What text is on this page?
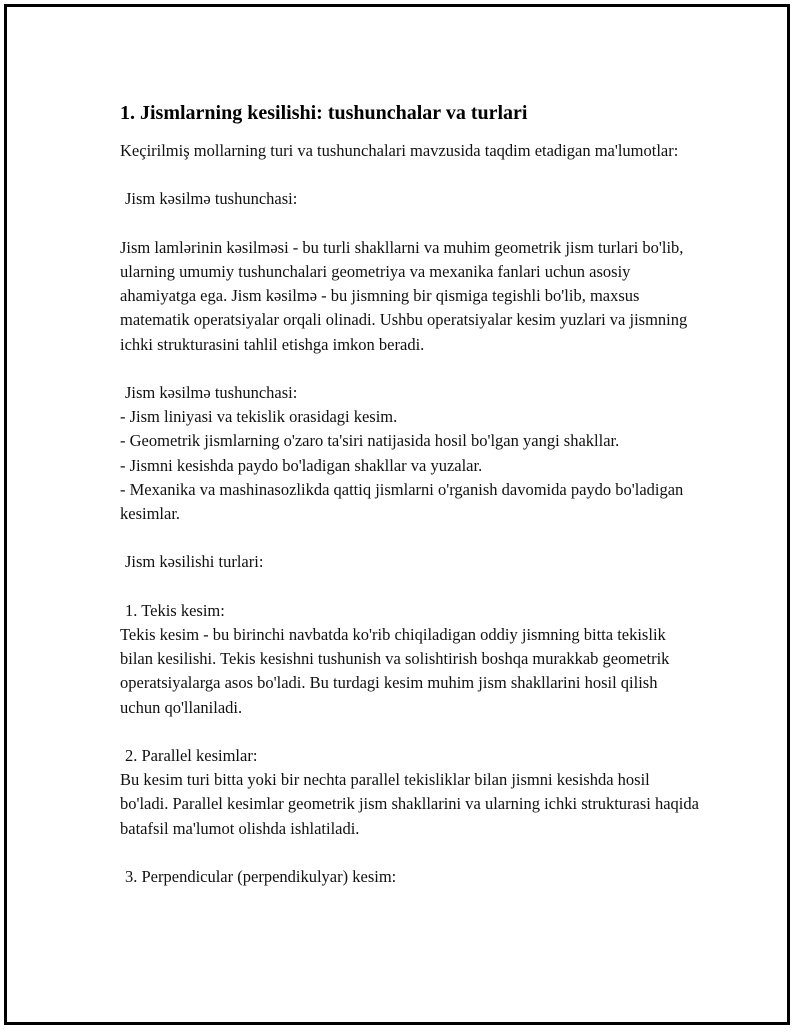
1. Jismlarning kesilishi: tushunchalar va turlari

Keçirilmiş mollarning turi va tushunchalari mavzusida taqdim etadigan ma'lumotlar:

Jism kəsilmə tushunchasi:

Jism lamlərinin kəsilməsi - bu turli shakllarni va muhim geometrik jism turlari bo'lib, ularning umumiy tushunchalari geometriya va mexanika fanlari uchun asosiy ahamiyatga ega. Jism kəsilmə - bu jismning bir qismiga tegishli bo'lib, maxsus matematik operatsiyalar orqali olinadi. Ushbu operatsiyalar kesim yuzlari va jismning ichki strukturasini tahlil etishga imkon beradi.

Jism kəsilmə tushunchasi:

- Jism liniyasi va tekislik orasidagi kesim.

- Geometrik jismlarning o'zaro ta'siri natijasida hosil bo'lgan yangi shakllar.

- Jismni kesishda paydo bo'ladigan shakllar va yuzalar.

- Mexanika va mashinasozlikda qattiq jismlarni o'rganish davomida paydo bo'ladigan kesimlar.

Jism kəsilishi turlari:

1. Tekis kesim:

Tekis kesim - bu birinchi navbatda ko'rib chiqiladigan oddiy jismning bitta tekislik bilan kesilishi. Tekis kesishni tushunish va solishtirish boshqa murakkab geometrik operatsiyalarga asos bo'ladi. Bu turdagi kesim muhim jism shakllarini hosil qilish uchun qo'llaniladi.

2. Parallel kesimlar:

Bu kesim turi bitta yoki bir nechta parallel tekisliklar bilan jismni kesishda hosil bo'ladi. Parallel kesimlar geometrik jism shakllarini va ularning ichki strukturasi haqida batafsil ma'lumot olishda ishlatiladi.

3. Perpendicular (perpendikulyar) kesim:
